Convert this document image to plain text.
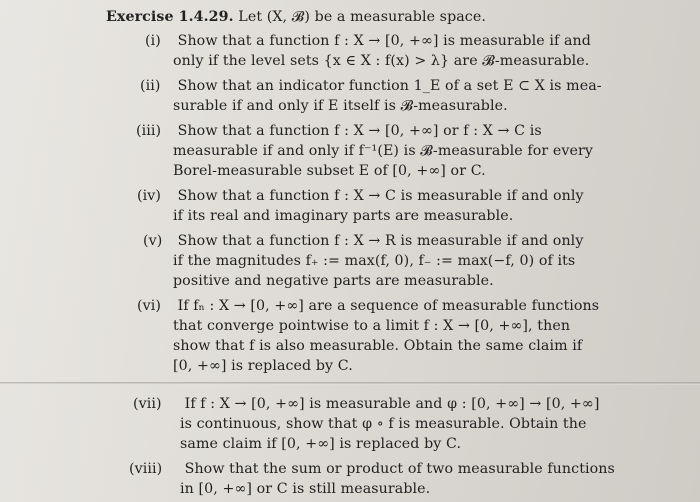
Exercise 1.4.29. Let (X, 𝓑) be a measurable space.
(i) Show that a function f : X → [0, +∞] is measurable if and
only if the level sets {x ∈ X : f(x) > λ} are 𝓑-measurable.
(ii) Show that an indicator function 1_E of a set E ⊂ X is mea-
surable if and only if E itself is 𝓑-measurable.
(iii) Show that a function f : X → [0, +∞] or f : X → C is
measurable if and only if f⁻¹(E) is 𝓑-measurable for every
Borel-measurable subset E of [0, +∞] or C.
(iv) Show that a function f : X → C is measurable if and only
if its real and imaginary parts are measurable.
(v) Show that a function f : X → R is measurable if and only
if the magnitudes f₊ := max(f, 0), f₋ := max(−f, 0) of its
positive and negative parts are measurable.
(vi) If fₙ : X → [0, +∞] are a sequence of measurable functions
that converge pointwise to a limit f : X → [0, +∞], then
show that f is also measurable. Obtain the same claim if
[0, +∞] is replaced by C.
(vii) If f : X → [0, +∞] is measurable and φ : [0, +∞] → [0, +∞]
is continuous, show that φ ∘ f is measurable. Obtain the
same claim if [0, +∞] is replaced by C.
(viii) Show that the sum or product of two measurable functions
in [0, +∞] or C is still measurable.
